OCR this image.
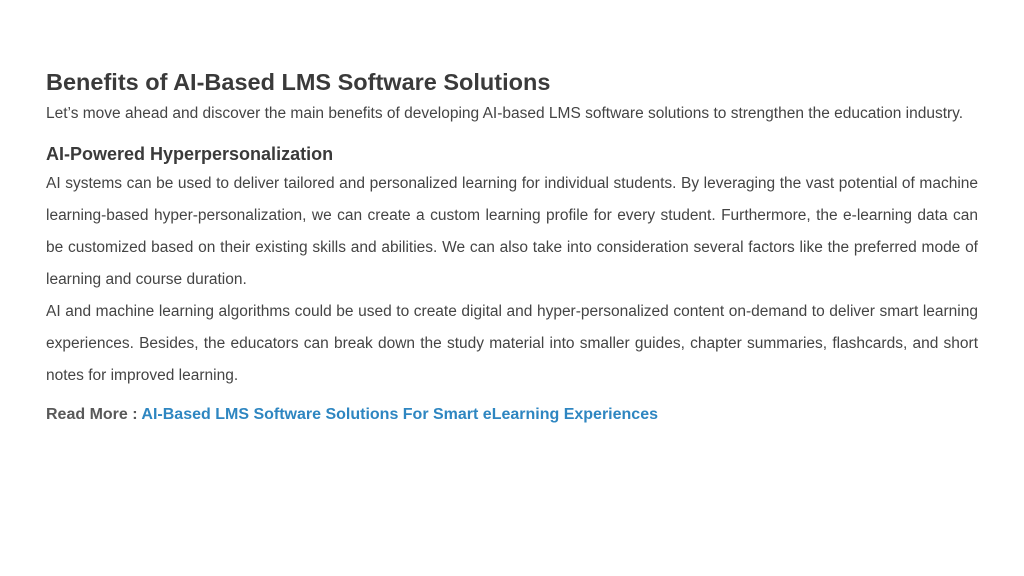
Benefits of AI-Based LMS Software Solutions

Let’s move ahead and discover the main benefits of developing AI-based LMS software solutions to strengthen the education industry.

AI-Powered Hyperpersonalization

AI systems can be used to deliver tailored and personalized learning for individual students. By leveraging the vast potential of machine learning-based hyper-personalization, we can create a custom learning profile for every student. Furthermore, the e-learning data can be customized based on their existing skills and abilities. We can also take into consideration several factors like the preferred mode of learning and course duration.

AI and machine learning algorithms could be used to create digital and hyper-personalized content on-demand to deliver smart learning experiences. Besides, the educators can break down the study material into smaller guides, chapter summaries, flashcards, and short notes for improved learning.

Read More : AI-Based LMS Software Solutions For Smart eLearning Experiences
